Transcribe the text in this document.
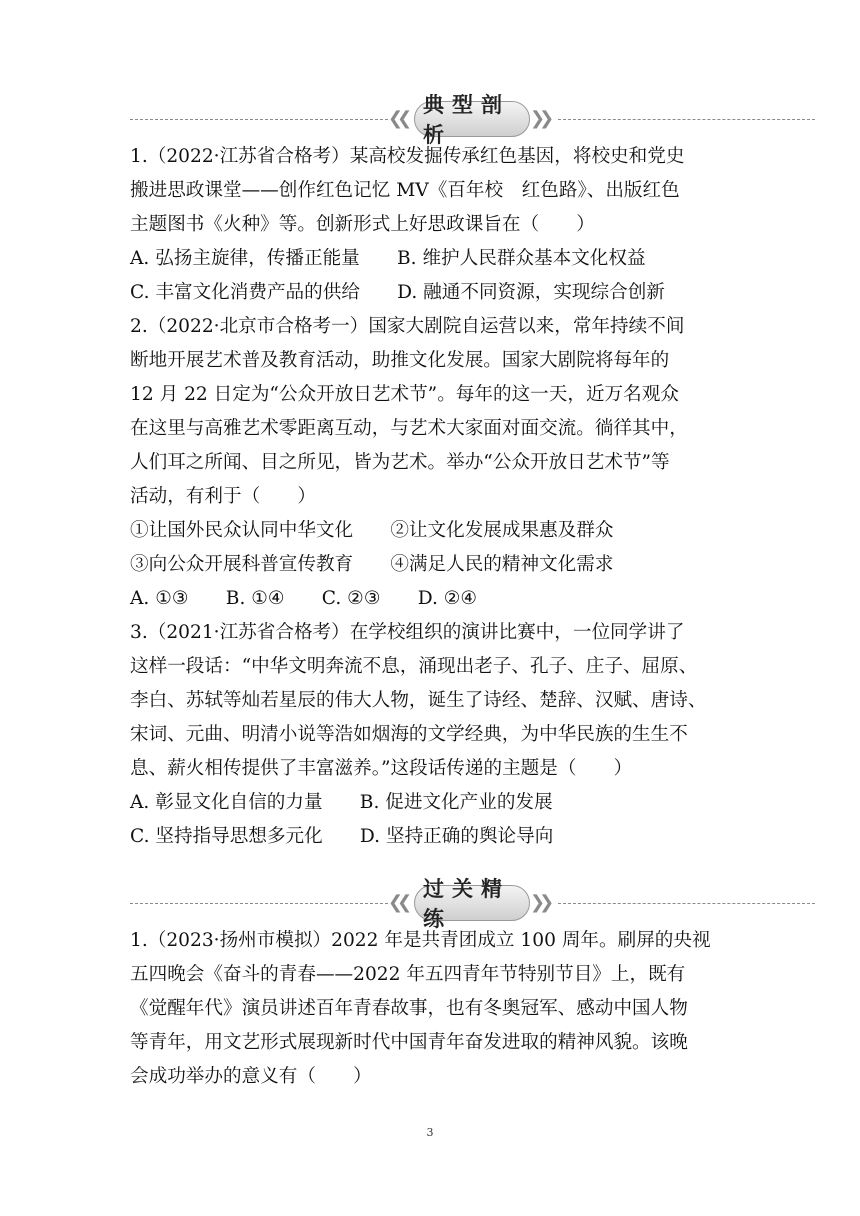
❮❮
典型剖析
❯❯
1.（2022·江苏省合格考）某高校发掘传承红色基因，将校史和党史
搬进思政课堂——创作红色记忆 MV《百年校　红色路》、出版红色
主题图书《火种》等。创新形式上好思政课旨在（　　）
A. 弘扬主旋律，传播正能量　　B. 维护人民群众基本文化权益
C. 丰富文化消费产品的供给　　D. 融通不同资源，实现综合创新
2.（2022·北京市合格考一）国家大剧院自运营以来，常年持续不间
断地开展艺术普及教育活动，助推文化发展。国家大剧院将每年的
12 月 22 日定为“公众开放日艺术节”。每年的这一天，近万名观众
在这里与高雅艺术零距离互动，与艺术大家面对面交流。徜徉其中，
人们耳之所闻、目之所见，皆为艺术。举办“公众开放日艺术节”等
活动，有利于（　　）
①让国外民众认同中华文化　　②让文化发展成果惠及群众
③向公众开展科普宣传教育　　④满足人民的精神文化需求
A. ①③　　B. ①④　　C. ②③　　D. ②④
3.（2021·江苏省合格考）在学校组织的演讲比赛中，一位同学讲了
这样一段话：“中华文明奔流不息，涌现出老子、孔子、庄子、屈原、
李白、苏轼等灿若星辰的伟大人物，诞生了诗经、楚辞、汉赋、唐诗、
宋词、元曲、明清小说等浩如烟海的文学经典，为中华民族的生生不
息、薪火相传提供了丰富滋养。”这段话传递的主题是（　　）
A. 彰显文化自信的力量　　B. 促进文化产业的发展
C. 坚持指导思想多元化　　D. 坚持正确的舆论导向
❮❮
过关精练
❯❯
1.（2023·扬州市模拟）2022 年是共青团成立 100 周年。刷屏的央视
五四晚会《奋斗的青春——2022 年五四青年节特别节目》上，既有
《觉醒年代》演员讲述百年青春故事，也有冬奥冠军、感动中国人物
等青年，用文艺形式展现新时代中国青年奋发进取的精神风貌。该晚
会成功举办的意义有（　　）
3
